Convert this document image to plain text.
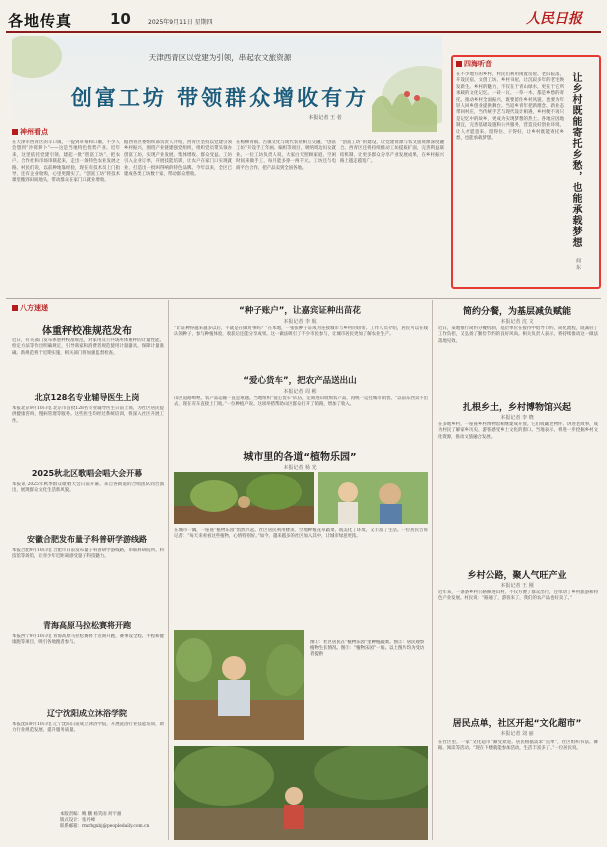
各地传真	10	2025年9月11日 星期四	人民日报
天津西青区以党建为引领，串起农文旅资源
创富工坊 带领群众增收有方
本报记者 王 者
神州看点
在天津市西青区的辛口镇，一提到草莓和口蘑，不少人会想到“沙窝萝卜”——这是当地特色优势产业。近年来，这里依托党建引领，建起一批“创富工坊”，把农户、合作社和市场串联起来，走出一条特色农业发展之路。村民们说，以前种地靠经验，现在有技术员上门指导，还有企业收购，心里更踏实了。“创富工坊”将技术课堂搬到田间地头，带动群众在家门口就业增收。
据西青区委组织部负责人介绍，西青区坚持以党建引领乡村振兴，围绕产业链建强党组织，组织党员带头领办创富工坊，实现产业发展、集体增收、群众受益。工坊引入企业订单，开展技能培训，让农户在家门口实现就业，打造出一批叫得响的特色品牌。今年以来，全区已建成各类工坊数十家，带动群众增收。
在杨柳青镇，古镇文化与现代农业相互交融，“创富工坊”开设手工年画、编织等项目，吸纳周边妇女就业。一位工坊负责人说，大家白天照顾家庭，空闲时间来做手工，每月能多挣一两千元。工坊还与电商平台合作，把产品卖到全国各地。
“创富工坊”的建设，让党建资源与农文旅资源深度融合。西青区还将持续推动工坊提质扩面，完善利益联结机制，让更多群众分享产业发展成果，在乡村振兴路上越走越宽广。
四海听音
在不少地方的乡村，村民们利用闲置房屋、老旧院落，开设民宿、文创工坊、乡村书屋，让沉寂多年的老宅焕发新生。乡村的魅力，不仅在于青山绿水，更在于它所承载的文化记忆。一砖一瓦、一草一木，都是乡愁的寄托。推动乡村全面振兴，既要留住乡村风貌，也要为年轻人回乡创业提供舞台。当返乡青年把新理念、新业态带回村庄，当传统手艺与现代设计相遇，乡村便不再只是记忆中的故乡，更成为实现梦想的热土。各地应因地制宜，完善基础设施和公共服务，营造良好创业环境，让人才愿意来、留得住、干得好，让乡村既能寄托乡愁，也能承载梦想。	让乡村既能寄托乡愁，也能承载梦想
何 东
八方速递
体重秤校准规范发布
近日，有关部门发布体重秤校准规范，对家用及公共场所体重秤的计量性能、检定方法等作出明确规定，引导商家和消费者规范使用计量器具，保障计量准确。新规范将于近期实施，相关部门将加强监督检查。
北京128名专业辅导医生上岗
本报北京9月10日电 北京市首批128名专业辅导医生日前上岗，为社区居民提供健康咨询、慢病管理等服务。这些医生均经过系统培训，将深入社区开展工作。
2025秋北区歌唱会唱大会开幕
本报讯 2025年秋季群众歌唱大会日前开幕，来自各街道的合唱团队同台演出，展现群众文化生活新风貌。
安徽合肥发布量子科普研学游线路
本报合肥9月10日电 合肥市日前发布量子科普研学游线路，串联科研院所、科技馆等场馆，让青少年近距离感受量子科技魅力。
青海高原马拉松赛将开跑
本报西宁9月10日电 青海高原马拉松赛将于近期开跑，赛事设全程、半程和健康跑等项目，吸引各地跑者参与。
辽宁沈阳成立沐浴学院
本报沈阳9月10日电 辽宁沈阳日前成立沐浴学院，开展洗浴行业技能培训，助力行业规范发展、提升服务质量。
本版责编：鲍 鹏 杨笑雨 何宇澈
版式设计：张丹峰
联系邮箱：rmrbgxbj@peopledaily.com.cn
“种子账户”，让嘉宾证种出苗花
本报记者 李 航
“让证种得越来越多以后，不就是在做好事吗？”在本地，一张张种子证成为连接城市与乡村的纽带。工作人员介绍，居民可以在线认领种子，参与种植体验，收获后还能分享成果。这一做法吸引了不少市民参与，让城市居民更加了解农业生产。
“爱心货车”，把农产品送出山
本报记者 周 彬
山区道路崎岖，农产品运输一直是难题。当地组织“爱心货车”队伍，定期进山收购农产品，再统一运往城市销售。“以前东西卖不出去，现在有车直接上门收。”一位种植户说。这项举措帮助山区群众打开了销路，增加了收入。
城市里的各道“植物乐园”
本报记者 杨 光
在城市一隅，一座座“植物乐园”悄然兴起。社区居民利用楼顶、空地种植花草蔬菜，既美化了环境，又丰富了生活。一位居民告诉记者：“每天来看看这些植物，心情特别好。”如今，越来越多的社区加入其中，让城市绿意更浓。
图①：社区居民在“植物乐园”里种植蔬菜。图②：居民观察植物生长情况。图③：“植物乐园”一角。以上图片均为受访者提供
简约分餐，为基层减负赋能
本报记者 沈 文
近日，某地推行简约分餐机制，基层单位在接待中倡导节约、简化流程，既减轻了工作负担，又弘扬了勤俭节约的良好风尚。相关负责人表示，将持续推动这一做法落地见效。
扎根乡土，乡村博物馆兴起
本报记者 李 晓
在多地乡村，一座座乡村博物馆相继建成开放。它们收藏老物件、讲述老故事，成为村民了解家乡历史、游客感受乡土文化的窗口。当地表示，将进一步挖掘乡村文化资源，推动文旅融合发展。
乡村公路，聚人气旺产业
本报记者 王 刚
近年来，一条条乡村公路修进山村，不仅方便了群众出行，还带动了乡村旅游和特色产业发展。村民说：“路通了，游客来了，我们的农产品也好卖了。”
居民点单，社区开起“文化超市”
本报记者 刘 丽
在社区里，一家“文化超市”颇受欢迎。居民根据需求“点单”，社区组织书法、舞蹈、阅读等活动。“现在下楼就能参加活动，生活丰富多了。”一位居民说。
